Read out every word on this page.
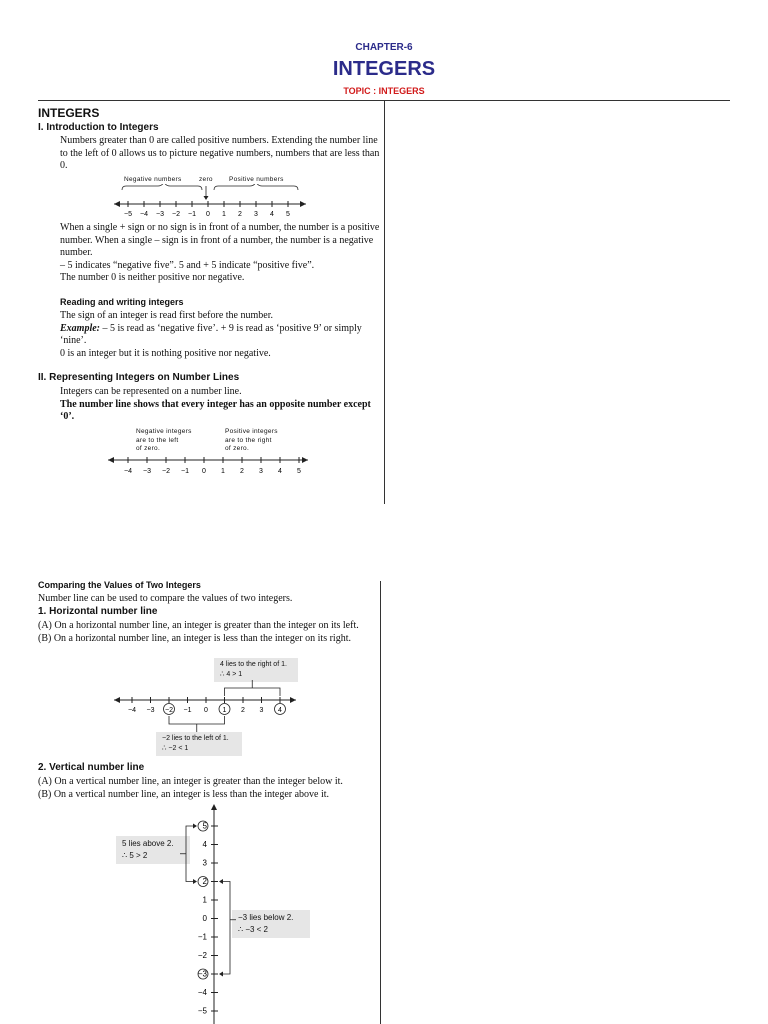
CHAPTER-6
INTEGERS
TOPIC : INTEGERS
INTEGERS
I. Introduction to Integers
Numbers greater than 0 are called positive numbers. Extending the number line
to the left of 0 allows us to picture negative numbers, numbers that are less than
0.
Negative numbers	zero Positive numbers
−5 −4 −3 −2 −1 0 1 2 3 4 5
When a single + sign or no sign is in front of a number, the number is a positive
number. When a single – sign is in front of a number, the number is a negative
number.
– 5 indicates “negative five”. 5 and + 5 indicate “positive five”.
The number 0 is neither positive nor negative.
Reading and writing integers
The sign of an integer is read first before the number.
Example: – 5 is read as ‘negative five’. + 9 is read as ‘positive 9’ or simply
‘nine’.
0 is an integer but it is nothing positive nor negative.
II. Representing Integers on Number Lines
Integers can be represented on a number line.
The number line shows that every integer has an opposite number except
‘0’.
Negative integers
are to the left
of zero.
Positive integers
are to the right
of zero.
−4 −3 −2 −1 0 1 2 3 4 5
Comparing the Values of Two Integers
Number line can be used to compare the values of two integers.
1. Horizontal number line
(A) On a horizontal number line, an integer is greater than the integer on its left.
(B) On a horizontal number line, an integer is less than the integer on its right.
4 lies to the right of 1.
∴ 4 > 1
−4 −3 −2 −1 0 1 2 3 4
−2 lies to the left of 1.
∴ −2 < 1
2. Vertical number line
(A) On a vertical number line, an integer is greater than the integer below it.
(B) On a vertical number line, an integer is less than the integer above it.
5 lies above 2.
∴ 5 > 2
−3 lies below 2.
∴ −3 < 2
5
4
3
2
1
0
−1
−2
−3
−4
−5
